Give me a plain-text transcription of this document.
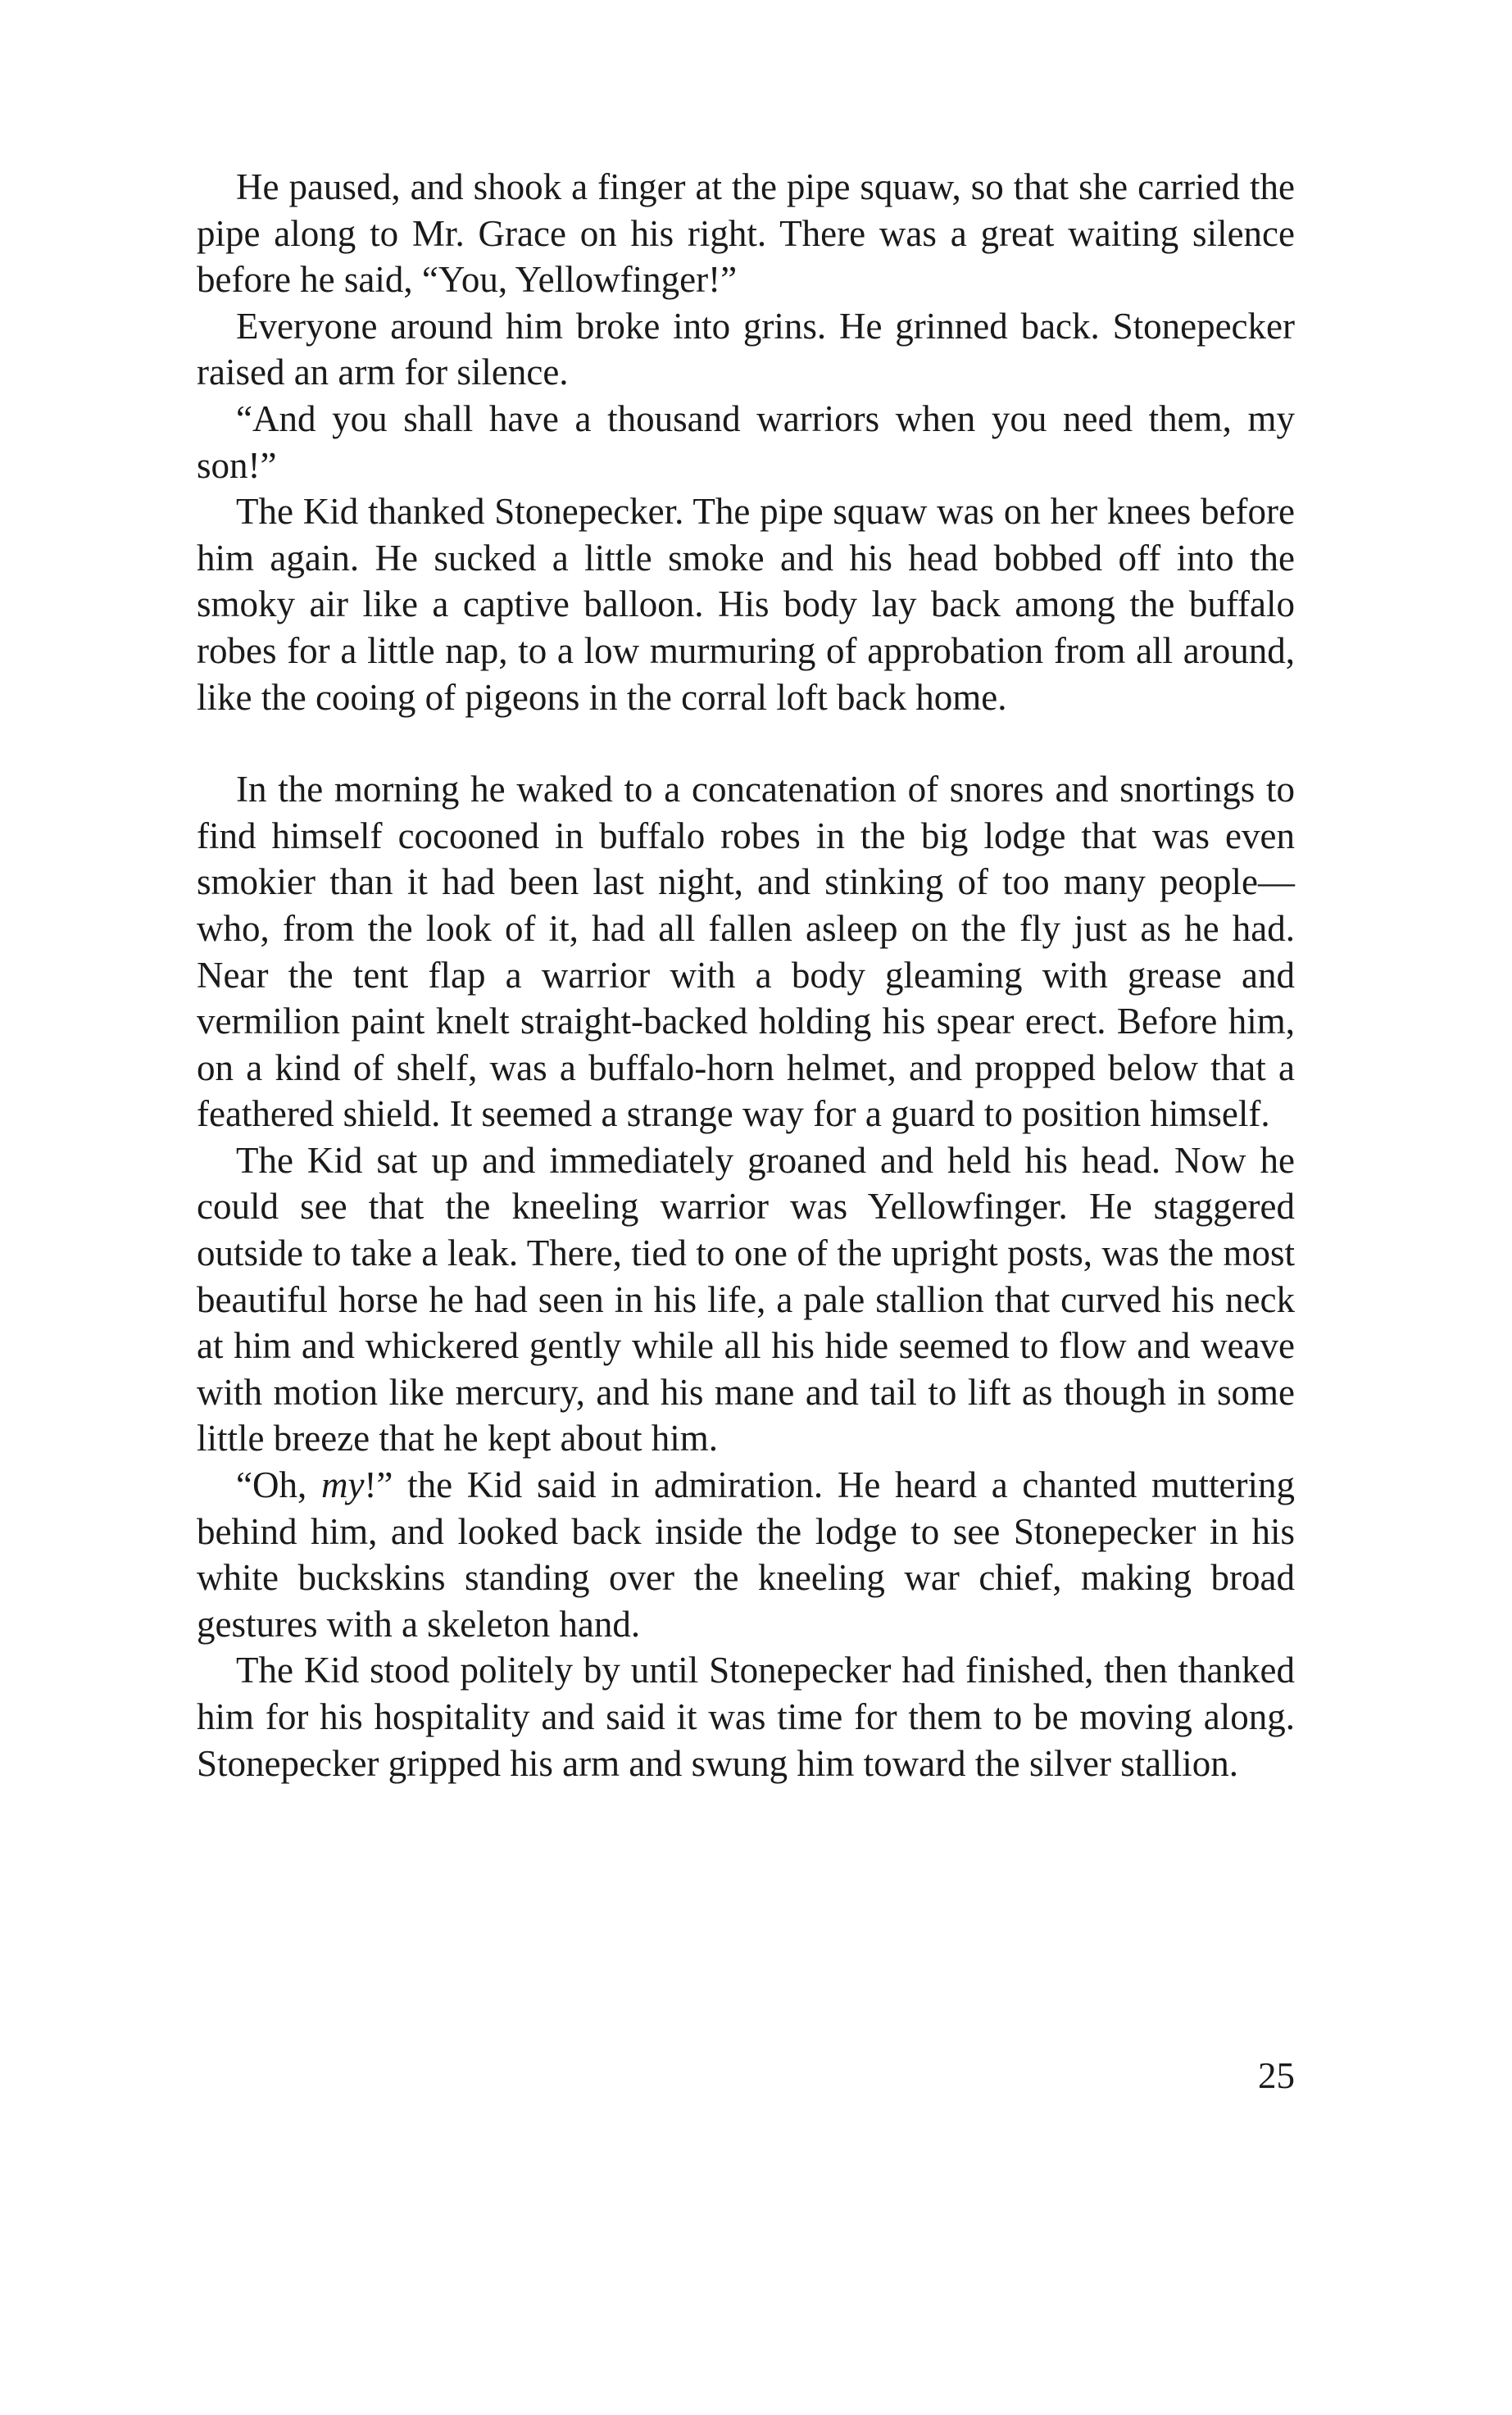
He paused, and shook a finger at the pipe squaw, so that she carried the pipe along to Mr. Grace on his right. There was a great waiting silence before he said, “You, Yellowfinger!”

Everyone around him broke into grins. He grinned back. Stonepecker raised an arm for silence.

“And you shall have a thousand warriors when you need them, my son!”

The Kid thanked Stonepecker. The pipe squaw was on her knees before him again. He sucked a little smoke and his head bobbed off into the smoky air like a captive balloon. His body lay back among the buffalo robes for a little nap, to a low murmuring of approbation from all around, like the cooing of pigeons in the corral loft back home.

In the morning he waked to a concatenation of snores and snortings to find himself cocooned in buffalo robes in the big lodge that was even smokier than it had been last night, and stinking of too many people—who, from the look of it, had all fallen asleep on the fly just as he had. Near the tent flap a warrior with a body gleaming with grease and vermilion paint knelt straight-backed holding his spear erect. Before him, on a kind of shelf, was a buffalo-horn helmet, and propped below that a feathered shield. It seemed a strange way for a guard to position himself.

The Kid sat up and immediately groaned and held his head. Now he could see that the kneeling warrior was Yellowfinger. He staggered outside to take a leak. There, tied to one of the upright posts, was the most beautiful horse he had seen in his life, a pale stallion that curved his neck at him and whickered gently while all his hide seemed to flow and weave with motion like mercury, and his mane and tail to lift as though in some little breeze that he kept about him.

“Oh, my!” the Kid said in admiration. He heard a chanted muttering behind him, and looked back inside the lodge to see Stonepecker in his white buckskins standing over the kneeling war chief, making broad gestures with a skeleton hand.

The Kid stood politely by until Stonepecker had finished, then thanked him for his hospitality and said it was time for them to be moving along. Stonepecker gripped his arm and swung him toward the silver stallion.

25
